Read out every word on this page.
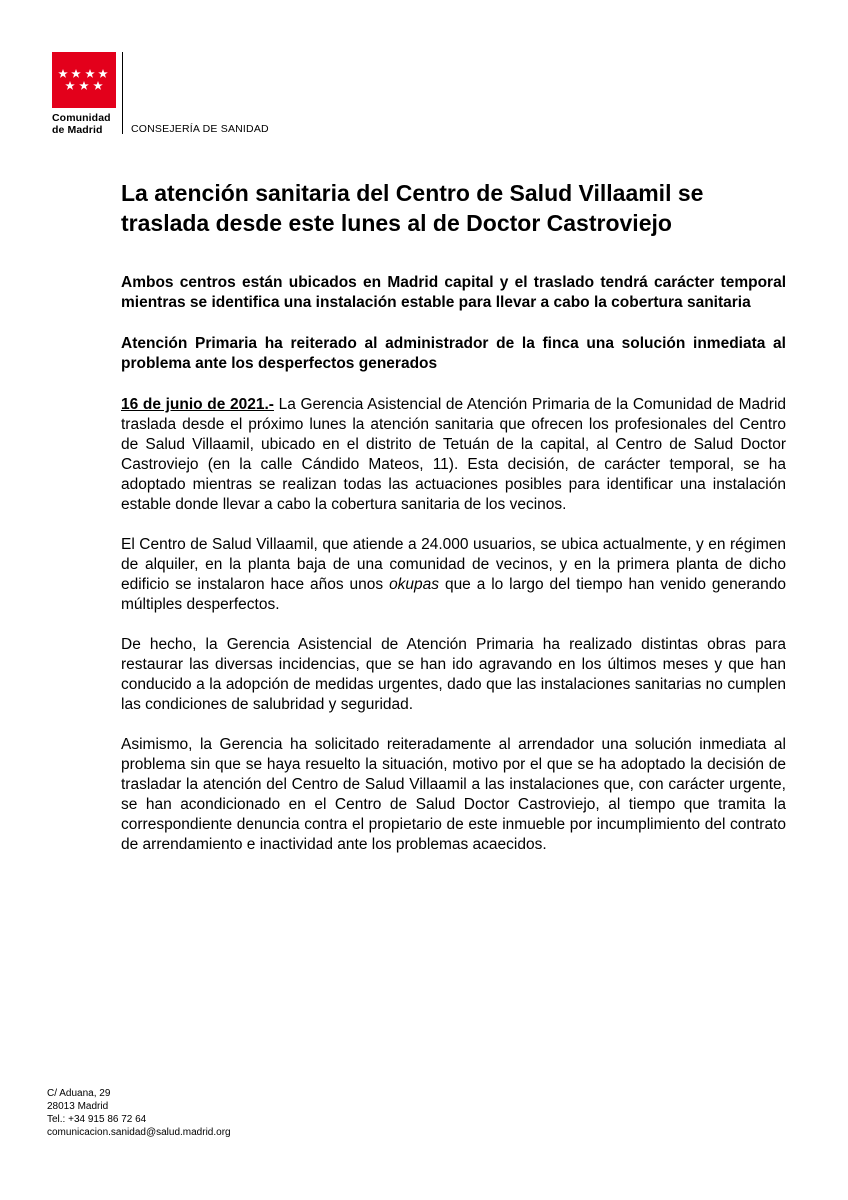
Comunidad
de Madrid	CONSEJERÍA DE SANIDAD
La atención sanitaria del Centro de Salud Villaamil se traslada desde este lunes al de Doctor Castroviejo

Ambos centros están ubicados en Madrid capital y el traslado tendrá carácter temporal mientras se identifica una instalación estable para llevar a cabo la cobertura sanitaria

Atención Primaria ha reiterado al administrador de la finca una solución inmediata al problema ante los desperfectos generados

16 de junio de 2021.- La Gerencia Asistencial de Atención Primaria de la Comunidad de Madrid traslada desde el próximo lunes la atención sanitaria que ofrecen los profesionales del Centro de Salud Villaamil, ubicado en el distrito de Tetuán de la capital, al Centro de Salud Doctor Castroviejo (en la calle Cándido Mateos, 11). Esta decisión, de carácter temporal, se ha adoptado mientras se realizan todas las actuaciones posibles para identificar una instalación estable donde llevar a cabo la cobertura sanitaria de los vecinos.

El Centro de Salud Villaamil, que atiende a 24.000 usuarios, se ubica actualmente, y en régimen de alquiler, en la planta baja de una comunidad de vecinos, y en la primera planta de dicho edificio se instalaron hace años unos okupas que a lo largo del tiempo han venido generando múltiples desperfectos.

De hecho, la Gerencia Asistencial de Atención Primaria ha realizado distintas obras para restaurar las diversas incidencias, que se han ido agravando en los últimos meses y que han conducido a la adopción de medidas urgentes, dado que las instalaciones sanitarias no cumplen las condiciones de salubridad y seguridad.

Asimismo, la Gerencia ha solicitado reiteradamente al arrendador una solución inmediata al problema sin que se haya resuelto la situación, motivo por el que se ha adoptado la decisión de trasladar la atención del Centro de Salud Villaamil a las instalaciones que, con carácter urgente, se han acondicionado en el Centro de Salud Doctor Castroviejo, al tiempo que tramita la correspondiente denuncia contra el propietario de este inmueble por incumplimiento del contrato de arrendamiento e inactividad ante los problemas acaecidos.

C/ Aduana, 29
28013 Madrid
Tel.: +34 915 86 72 64
comunicacion.sanidad@salud.madrid.org
